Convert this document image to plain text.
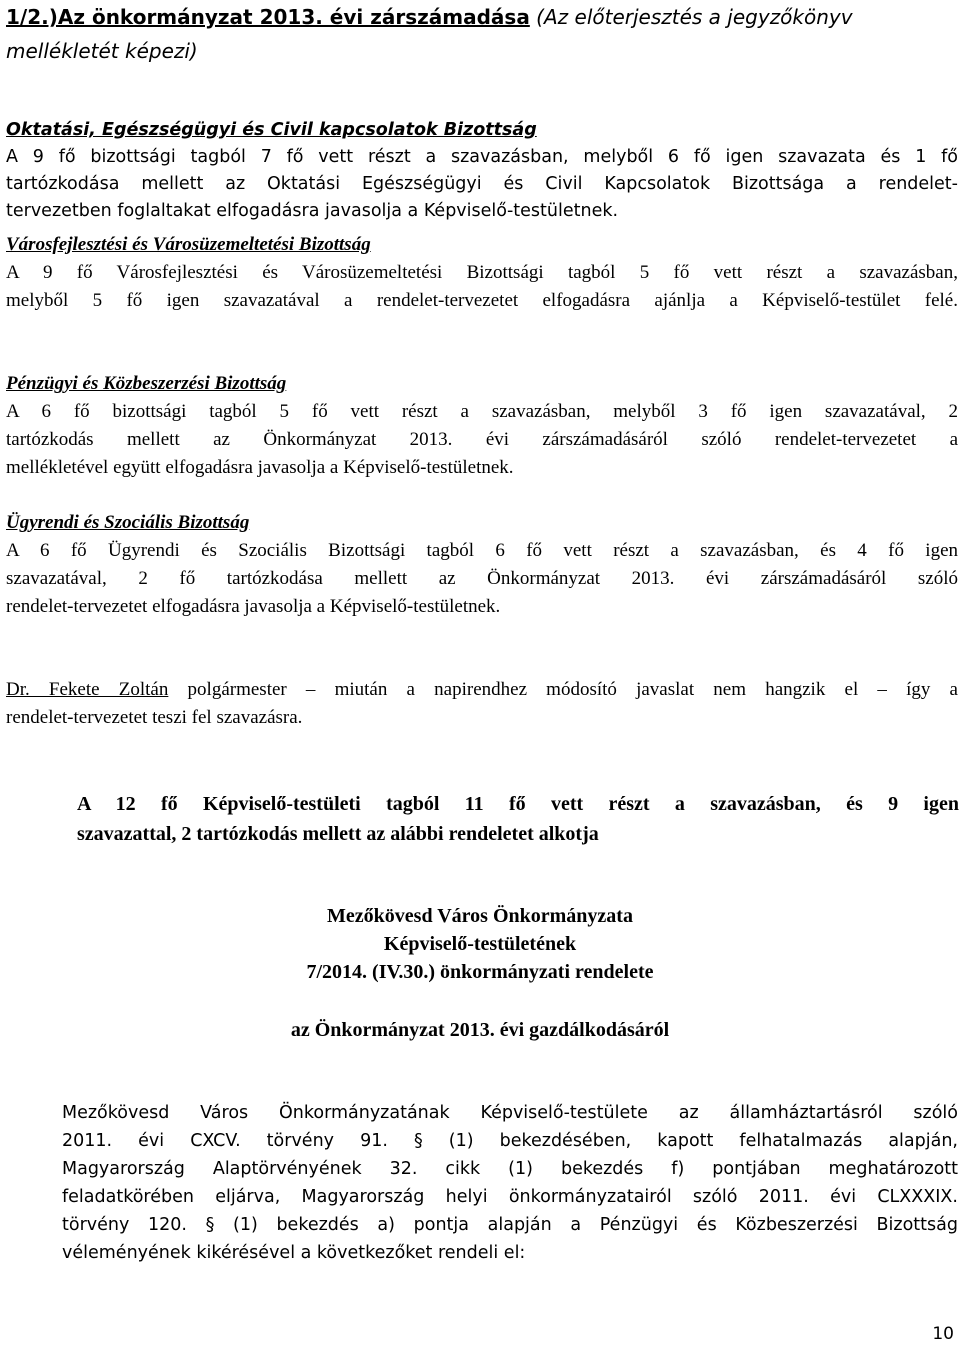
1/2.)Az önkormányzat 2013. évi zárszámadása (Az előterjesztés a jegyzőkönyv
mellékletét képezi)
Oktatási, Egészségügyi és Civil kapcsolatok Bizottság
A 9 fő bizottsági tagból 7 fő vett részt a szavazásban, melyből 6 fő igen szavazata és 1 fő
tartózkodása mellett az Oktatási Egészségügyi és Civil Kapcsolatok Bizottsága a rendelet-
tervezetben foglaltakat elfogadásra javasolja a Képviselő-testületnek.
Városfejlesztési és Városüzemeltetési Bizottság
A 9 fő Városfejlesztési és Városüzemeltetési Bizottsági tagból 5 fő vett részt a szavazásban,
melyből 5 fő igen szavazatával a rendelet-tervezetet elfogadásra ajánlja a Képviselő-testület felé.
Pénzügyi és Közbeszerzési Bizottság
A 6 fő bizottsági tagból 5 fő vett részt a szavazásban, melyből 3 fő igen szavazatával, 2
tartózkodás mellett az Önkormányzat 2013. évi zárszámadásáról szóló rendelet-tervezetet a
mellékletével együtt elfogadásra javasolja a Képviselő-testületnek.
Ügyrendi és Szociális Bizottság
A 6 fő Ügyrendi és Szociális Bizottsági tagból 6 fő vett részt a szavazásban, és 4 fő igen
szavazatával, 2 fő tartózkodása mellett az Önkormányzat 2013. évi zárszámadásáról szóló
rendelet-tervezetet elfogadásra javasolja a Képviselő-testületnek.
Dr. Fekete Zoltán polgármester – miután a napirendhez módosító javaslat nem hangzik el – így a
rendelet-tervezetet teszi fel szavazásra.
A 12 fő Képviselő-testületi tagból 11 fő vett részt a szavazásban, és 9 igen
szavazattal, 2 tartózkodás mellett az alábbi rendeletet alkotja
Mezőkövesd Város Önkormányzata
Képviselő-testületének
7/2014. (IV.30.) önkormányzati rendelete
az Önkormányzat 2013. évi gazdálkodásáról
Mezőkövesd Város Önkormányzatának Képviselő-testülete az államháztartásról szóló
2011. évi CXCV. törvény 91. § (1) bekezdésében, kapott felhatalmazás alapján,
Magyarország Alaptörvényének 32. cikk (1) bekezdés f) pontjában meghatározott
feladatkörében eljárva, Magyarország helyi önkormányzatairól szóló 2011. évi CLXXXIX.
törvény 120. § (1) bekezdés a) pontja alapján a Pénzügyi és Közbeszerzési Bizottság
véleményének kikérésével a következőket rendeli el:
10
